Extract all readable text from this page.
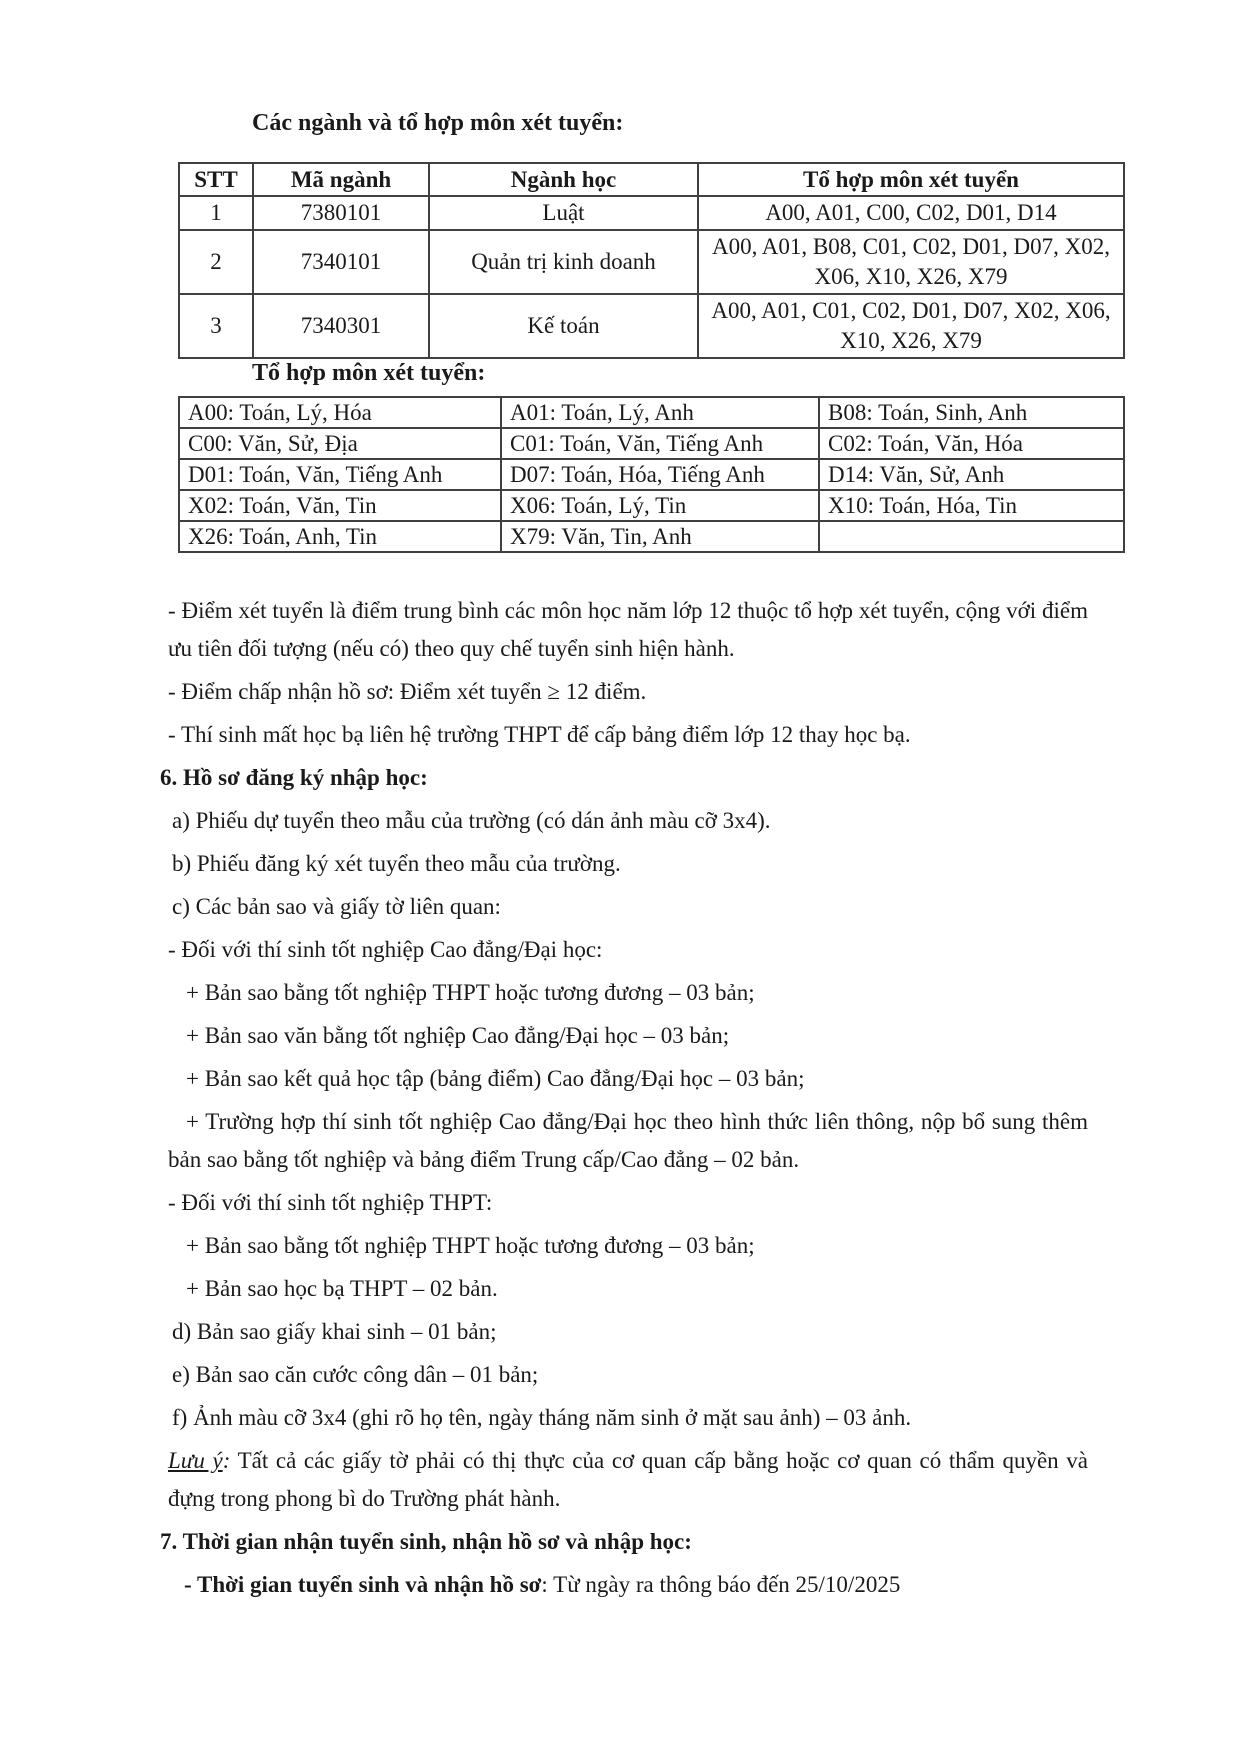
Các ngành và tổ hợp môn xét tuyển:
STT	Mã ngành	Ngành học	Tổ hợp môn xét tuyển
1	7380101	Luật	A00, A01, C00, C02, D01, D14
2	7340101	Quản trị kinh doanh	A00, A01, B08, C01, C02, D01, D07, X02, X06, X10, X26, X79
3	7340301	Kế toán	A00, A01, C01, C02, D01, D07, X02, X06, X10, X26, X79
Tổ hợp môn xét tuyển:
A00: Toán, Lý, Hóa	A01: Toán, Lý, Anh	B08: Toán, Sinh, Anh
C00: Văn, Sử, Địa	C01: Toán, Văn, Tiếng Anh	C02: Toán, Văn, Hóa
D01: Toán, Văn, Tiếng Anh	D07: Toán, Hóa, Tiếng Anh	D14: Văn, Sử, Anh
X02: Toán, Văn, Tin	X06: Toán, Lý, Tin	X10: Toán, Hóa, Tin
X26: Toán, Anh, Tin	X79: Văn, Tin, Anh	

- Điểm xét tuyển là điểm trung bình các môn học năm lớp 12 thuộc tổ hợp xét tuyển, cộng với điểm ưu tiên đối tượng (nếu có) theo quy chế tuyển sinh hiện hành.

- Điểm chấp nhận hồ sơ: Điểm xét tuyển ≥ 12 điểm.

- Thí sinh mất học bạ liên hệ trường THPT để cấp bảng điểm lớp 12 thay học bạ.

6. Hồ sơ đăng ký nhập học:

a) Phiếu dự tuyển theo mẫu của trường (có dán ảnh màu cỡ 3x4).

b) Phiếu đăng ký xét tuyển theo mẫu của trường.

c) Các bản sao và giấy tờ liên quan:

- Đối với thí sinh tốt nghiệp Cao đẳng/Đại học:

+ Bản sao bằng tốt nghiệp THPT hoặc tương đương – 03 bản;

+ Bản sao văn bằng tốt nghiệp Cao đẳng/Đại học – 03 bản;

+ Bản sao kết quả học tập (bảng điểm) Cao đẳng/Đại học – 03 bản;

+ Trường hợp thí sinh tốt nghiệp Cao đẳng/Đại học theo hình thức liên thông, nộp bổ sung thêm bản sao bằng tốt nghiệp và bảng điểm Trung cấp/Cao đẳng – 02 bản.

- Đối với thí sinh tốt nghiệp THPT:

+ Bản sao bằng tốt nghiệp THPT hoặc tương đương – 03 bản;

+ Bản sao học bạ THPT – 02 bản.

d) Bản sao giấy khai sinh – 01 bản;

e) Bản sao căn cước công dân – 01 bản;

f) Ảnh màu cỡ 3x4 (ghi rõ họ tên, ngày tháng năm sinh ở mặt sau ảnh) – 03 ảnh.

Lưu ý: Tất cả các giấy tờ phải có thị thực của cơ quan cấp bằng hoặc cơ quan có thẩm quyền và đựng trong phong bì do Trường phát hành.

7. Thời gian nhận tuyển sinh, nhận hồ sơ và nhập học:

- Thời gian tuyển sinh và nhận hồ sơ: Từ ngày ra thông báo đến 25/10/2025
